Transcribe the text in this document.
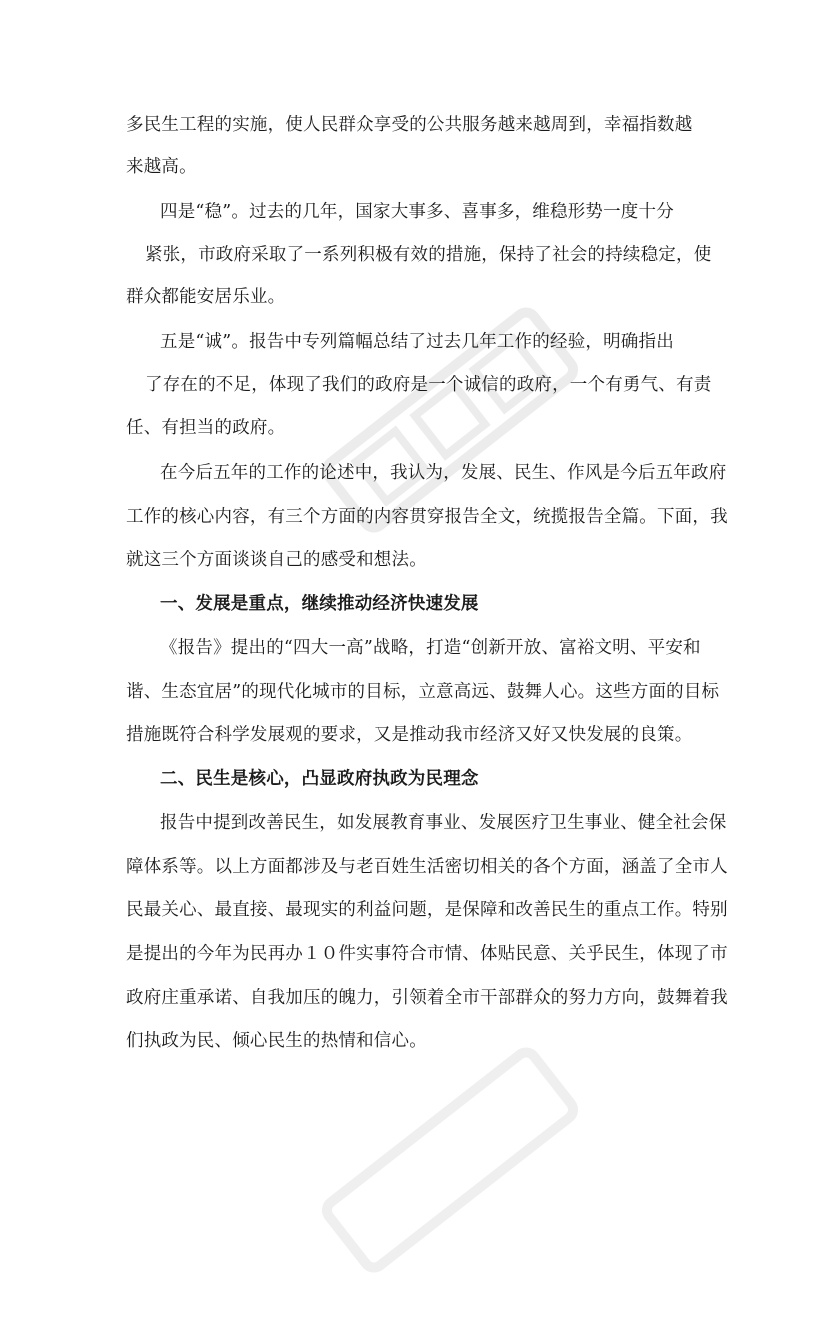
多民生工程的实施，使人民群众享受的公共服务越来越周到，幸福指数越
来越高。
四是“稳”。过去的几年，国家大事多、喜事多，维稳形势一度十分
紧张，市政府采取了一系列积极有效的措施，保持了社会的持续稳定，使
群众都能安居乐业。
五是“诚”。报告中专列篇幅总结了过去几年工作的经验，明确指出
了存在的不足，体现了我们的政府是一个诚信的政府，一个有勇气、有责
任、有担当的政府。
在今后五年的工作的论述中，我认为，发展、民生、作风是今后五年政府
工作的核心内容，有三个方面的内容贯穿报告全文，统揽报告全篇。下面，我
就这三个方面谈谈自己的感受和想法。
一、发展是重点，继续推动经济快速发展
《报告》提出的“四大一高”战略，打造“创新开放、富裕文明、平安和
谐、生态宜居”的现代化城市的目标，立意高远、鼓舞人心。这些方面的目标
措施既符合科学发展观的要求，又是推动我市经济又好又快发展的良策。
二、民生是核心，凸显政府执政为民理念
报告中提到改善民生，如发展教育事业、发展医疗卫生事业、健全社会保
障体系等。以上方面都涉及与老百姓生活密切相关的各个方面，涵盖了全市人
民最关心、最直接、最现实的利益问题，是保障和改善民生的重点工作。特别
是提出的今年为民再办１０件实事符合市情、体贴民意、关乎民生，体现了市
政府庄重承诺、自我加压的魄力，引领着全市干部群众的努力方向，鼓舞着我
们执政为民、倾心民生的热情和信心。
